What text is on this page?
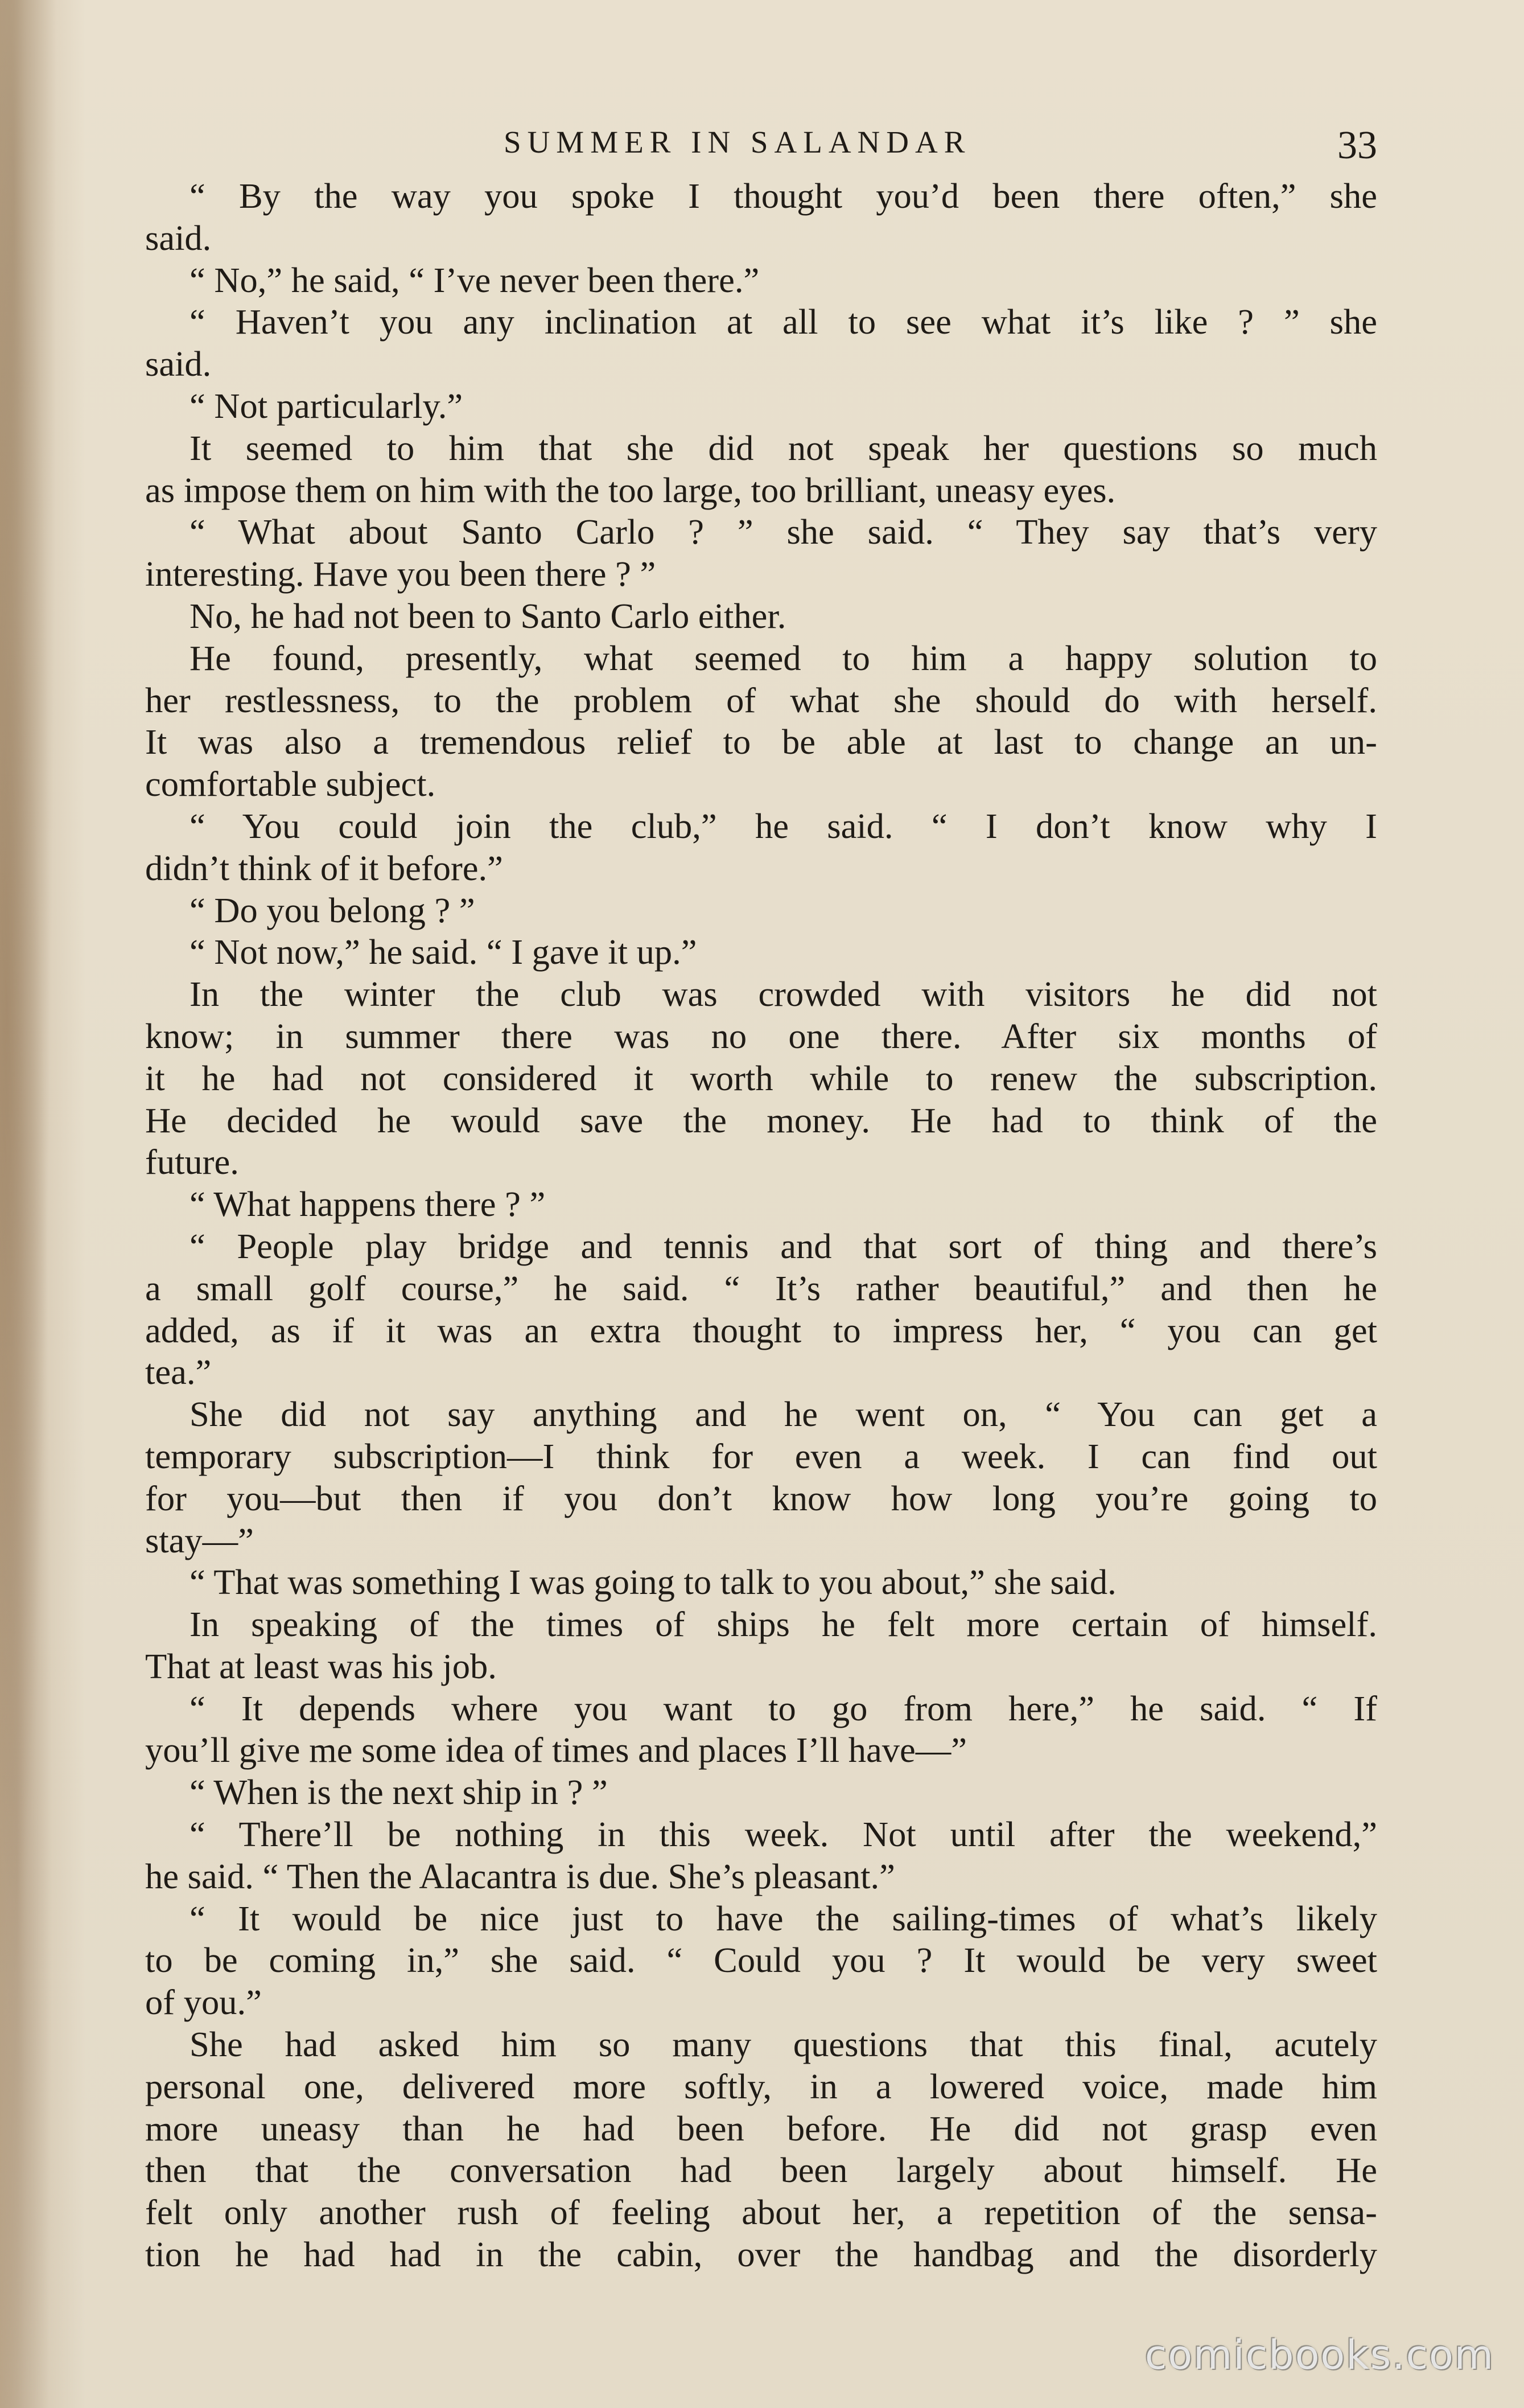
SUMMER IN SALANDAR	33
“ By the way you spoke I thought you’d been there often,” she
said.
“ No,” he said, “ I’ve never been there.”
“ Haven’t you any inclination at all to see what it’s like ? ” she
said.
“ Not particularly.”
It seemed to him that she did not speak her questions so much
as impose them on him with the too large, too brilliant, uneasy eyes.
“ What about Santo Carlo ? ” she said. “ They say that’s very
interesting. Have you been there ? ”
No, he had not been to Santo Carlo either.
He found, presently, what seemed to him a happy solution to
her restlessness, to the problem of what she should do with herself.
It was also a tremendous relief to be able at last to change an un-
comfortable subject.
“ You could join the club,” he said. “ I don’t know why I
didn’t think of it before.”
“ Do you belong ? ”
“ Not now,” he said. “ I gave it up.”
In the winter the club was crowded with visitors he did not
know; in summer there was no one there. After six months of
it he had not considered it worth while to renew the subscription.
He decided he would save the money. He had to think of the
future.
“ What happens there ? ”
“ People play bridge and tennis and that sort of thing and there’s
a small golf course,” he said. “ It’s rather beautiful,” and then he
added, as if it was an extra thought to impress her, “ you can get
tea.”
She did not say anything and he went on, “ You can get a
temporary subscription—I think for even a week. I can find out
for you—but then if you don’t know how long you’re going to
stay—”
“ That was something I was going to talk to you about,” she said.
In speaking of the times of ships he felt more certain of himself.
That at least was his job.
“ It depends where you want to go from here,” he said. “ If
you’ll give me some idea of times and places I’ll have—”
“ When is the next ship in ? ”
“ There’ll be nothing in this week. Not until after the weekend,”
he said. “ Then the Alacantra is due. She’s pleasant.”
“ It would be nice just to have the sailing-times of what’s likely
to be coming in,” she said. “ Could you ? It would be very sweet
of you.”
She had asked him so many questions that this final, acutely
personal one, delivered more softly, in a lowered voice, made him
more uneasy than he had been before. He did not grasp even
then that the conversation had been largely about himself. He
felt only another rush of feeling about her, a repetition of the sensa-
tion he had had in the cabin, over the handbag and the disorderly
comicbooks.com
